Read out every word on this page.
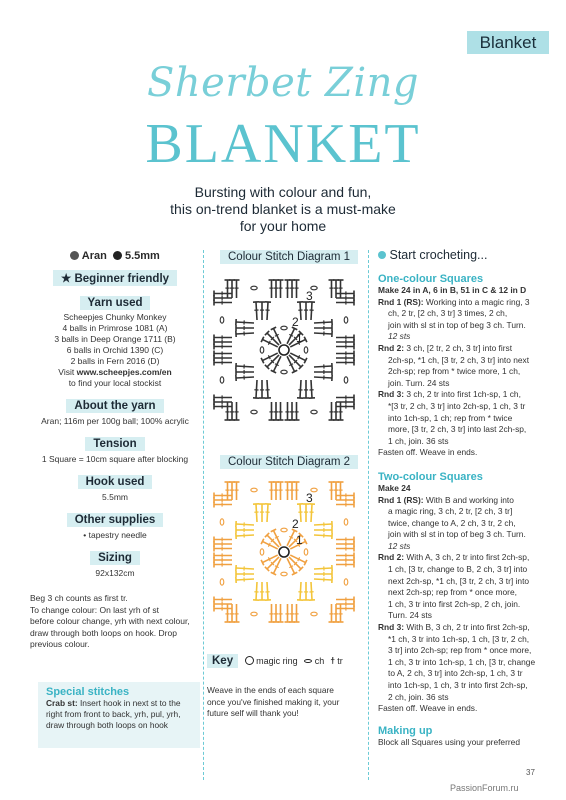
Blanket
Sherbet Zing
BLANKET
Bursting with colour and fun,
this on-trend blanket is a must-make
for your home
Aran 5.5mm
★ Beginner friendly
Yarn used
Scheepjes Chunky Monkey
4 balls in Primrose 1081 (A)
3 balls in Deep Orange 1711 (B)
6 balls in Orchid 1390 (C)
2 balls in Fern 2016 (D)
Visit www.scheepjes.com/en
to find your local stockist
About the yarn
Aran; 116m per 100g ball; 100% acrylic
Tension
1 Square = 10cm square after blocking
Hook used
5.5mm
Other supplies
• tapestry needle
Sizing
92x132cm
Beg 3 ch counts as first tr.
To change colour: On last yrh of st
before colour change, yrh with next colour,
draw through both loops on hook. Drop
previous colour.
Special stitches
Crab st: Insert hook in next st to the
right from front to back, yrh, pul, yrh,
draw through both loops on hook
Colour Stitch Diagram 1
1
2
3
Colour Stitch Diagram 2
1
2
3
Key	magic ring ch ϯ tr
Weave in the ends of each square
once you've finished making it, your
future self will thank you!
Start crocheting...
One-colour Squares
Make 24 in A, 6 in B, 51 in C & 12 in D
Rnd 1 (RS): Working into a magic ring, 3
ch, 2 tr, [2 ch, 3 tr] 3 times, 2 ch,
join with sl st in top of beg 3 ch. Turn.
12 sts
Rnd 2: 3 ch, [2 tr, 2 ch, 3 tr] into first
2ch-sp, *1 ch, [3 tr, 2 ch, 3 tr] into next
2ch-sp; rep from * twice more, 1 ch,
join. Turn. 24 sts
Rnd 3: 3 ch, 2 tr into first 1ch-sp, 1 ch,
*[3 tr, 2 ch, 3 tr] into 2ch-sp, 1 ch, 3 tr
into 1ch-sp, 1 ch; rep from * twice
more, [3 tr, 2 ch, 3 tr] into last 2ch-sp,
1 ch, join. 36 sts
Fasten off. Weave in ends.
Two-colour Squares
Make 24
Rnd 1 (RS): With B and working into
a magic ring, 3 ch, 2 tr, [2 ch, 3 tr]
twice, change to A, 2 ch, 3 tr, 2 ch,
join with sl st in top of beg 3 ch. Turn.
12 sts
Rnd 2: With A, 3 ch, 2 tr into first 2ch-sp,
1 ch, [3 tr, change to B, 2 ch, 3 tr] into
next 2ch-sp, *1 ch, [3 tr, 2 ch, 3 tr] into
next 2ch-sp; rep from * once more,
1 ch, 3 tr into first 2ch-sp, 2 ch, join.
Turn. 24 sts
Rnd 3: With B, 3 ch, 2 tr into first 2ch-sp,
*1 ch, 3 tr into 1ch-sp, 1 ch, [3 tr, 2 ch,
3 tr] into 2ch-sp; rep from * once more,
1 ch, 3 tr into 1ch-sp, 1 ch, [3 tr, change
to A, 2 ch, 3 tr] into 2ch-sp, 1 ch, 3 tr
into 1ch-sp, 1 ch, 3 tr into first 2ch-sp,
2 ch, join. 36 sts
Fasten off. Weave in ends.
Making up
Block all Squares using your preferred
37
PassionForum.ru
